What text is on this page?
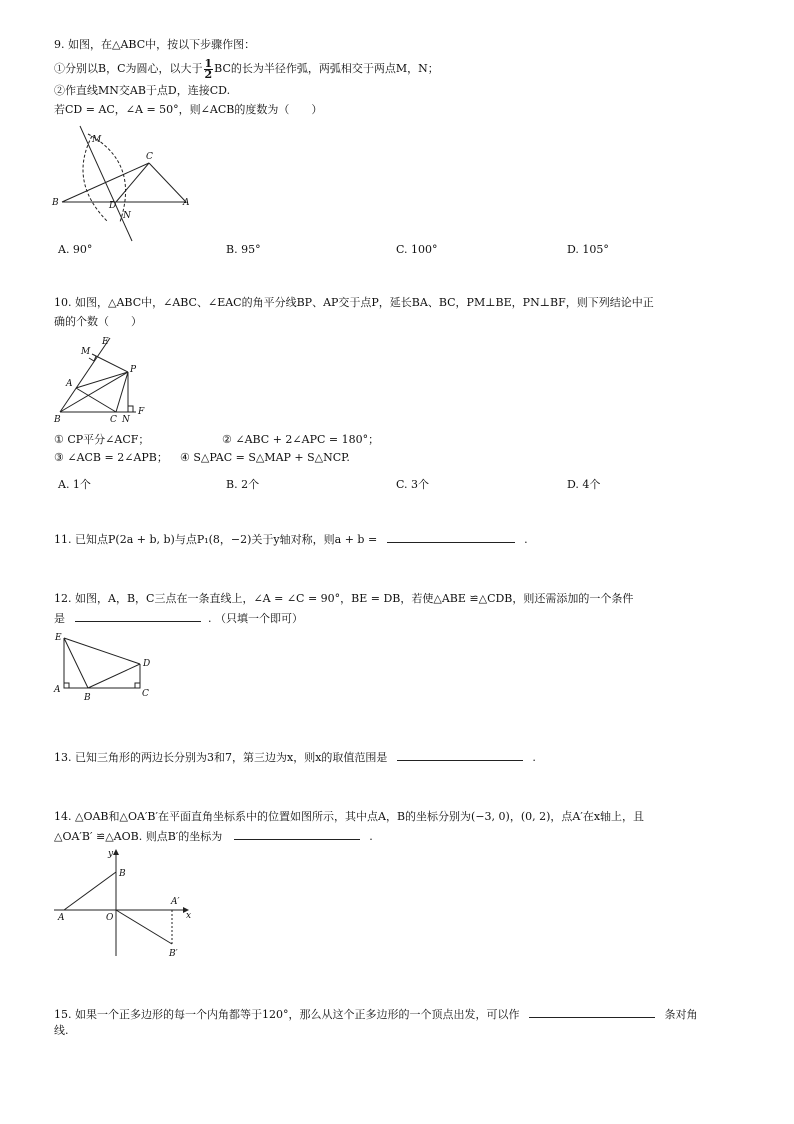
9. 如图，在△ABC中，按以下步骤作图：
①分别以B，C为圆心，以大于 $\frac{1}{2}$ BC的长为半径作弧，两弧相交于两点M，N；
②作直线MN交AB于点D，连接CD.
若CD = AC，∠A = 50°，则∠ACB的度数为（　　）
M
C
B	D	A
N
A. 90°	B. 95°	C. 100°	D. 105°
10. 如图，△ABC中，∠ABC、∠EAC的角平分线BP、AP交于点P，延长BA、BC，PM⊥BE，PN⊥BF，则下列结论中正
确的个数（　　）
E
M
A
P
B	C N
F
① CP平分∠ACF；	② ∠ABC + 2∠APC = 180°；
③ ∠ACB = 2∠APB； ④ S△PAC = S△MAP + S△NCP.
A. 1个	B. 2个	C. 3个	D. 4个
11. 已知点P(2a + b, b)与点P₁(8，−2)关于y轴对称，则a + b =	.
12. 如图，A，B，C三点在一条直线上，∠A = ∠C = 90°，BE = DB，若使△ABE ≌△CDB，则还需添加的一个条件
是	. （只填一个即可）
E
D
A
B	C
13. 已知三角形的两边长分别为3和7，第三边为x，则x的取值范围是	.
14. △OAB和△OA′B′在平面直角坐标系中的位置如图所示，其中点A，B的坐标分别为(−3, 0)，(0, 2)，点A′在x轴上，且
△OA′B′ ≌△AOB. 则点B′的坐标为	.
y
B
A′
x
A	O
B′
15. 如果一个正多边形的每一个内角都等于120°，那么从这个正多边形的一个顶点出发，可以作	条对角
线.
